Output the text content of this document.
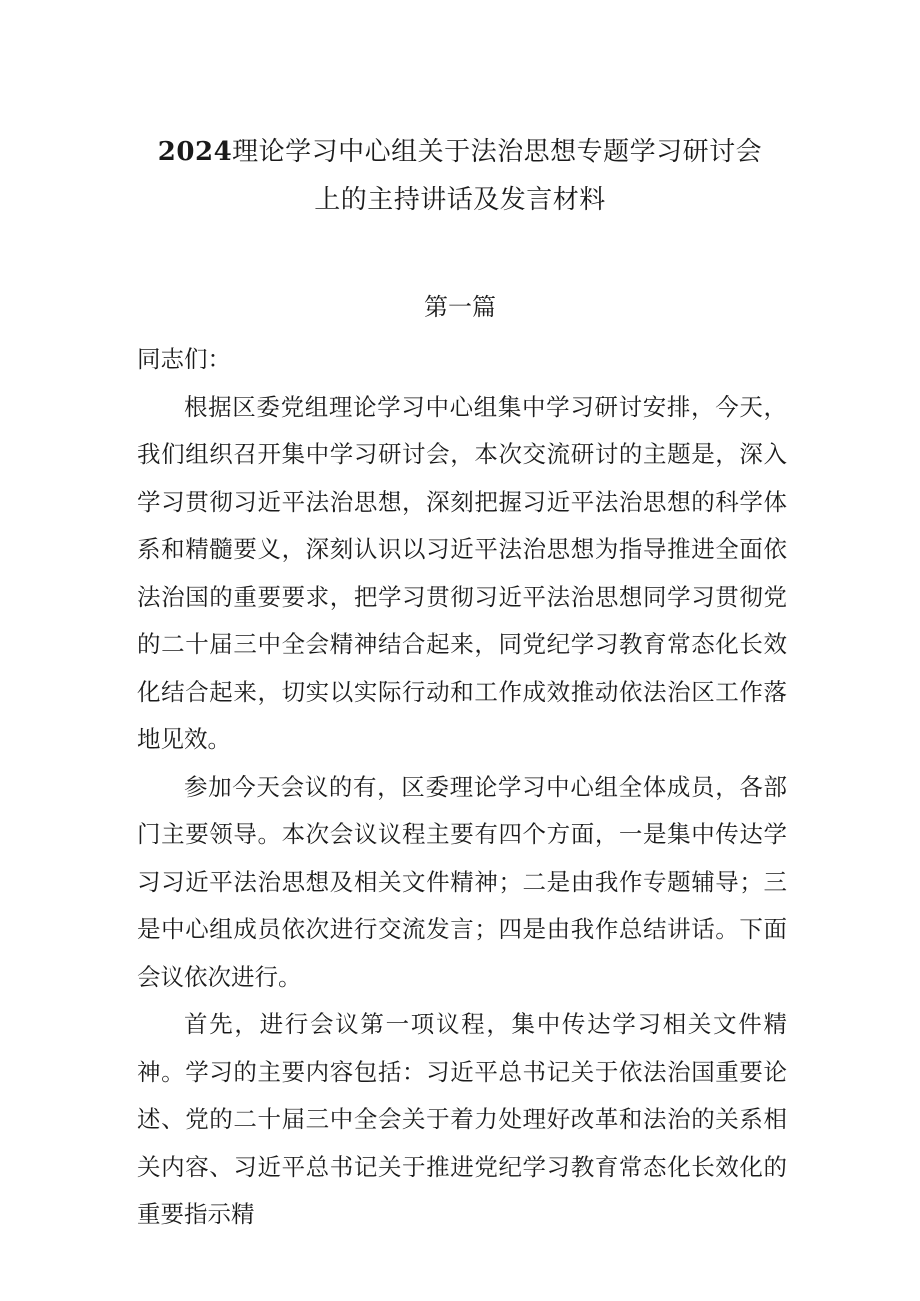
2024理论学习中心组关于法治思想专题学习研讨会
上的主持讲话及发言材料
第一篇

同志们：

根据区委党组理论学习中心组集中学习研讨安排，今天，我们组织召开集中学习研讨会，本次交流研讨的主题是，深入学习贯彻习近平法治思想，深刻把握习近平法治思想的科学体系和精髓要义，深刻认识以习近平法治思想为指导推进全面依法治国的重要要求，把学习贯彻习近平法治思想同学习贯彻党的二十届三中全会精神结合起来，同党纪学习教育常态化长效化结合起来，切实以实际行动和工作成效推动依法治区工作落地见效。

参加今天会议的有，区委理论学习中心组全体成员，各部门主要领导。本次会议议程主要有四个方面，一是集中传达学习习近平法治思想及相关文件精神；二是由我作专题辅导；三是中心组成员依次进行交流发言；四是由我作总结讲话。下面会议依次进行。

首先，进行会议第一项议程，集中传达学习相关文件精神。学习的主要内容包括：习近平总书记关于依法治国重要论述、党的二十届三中全会关于着力处理好改革和法治的关系相关内容、习近平总书记关于推进党纪学习教育常态化长效化的重要指示精
